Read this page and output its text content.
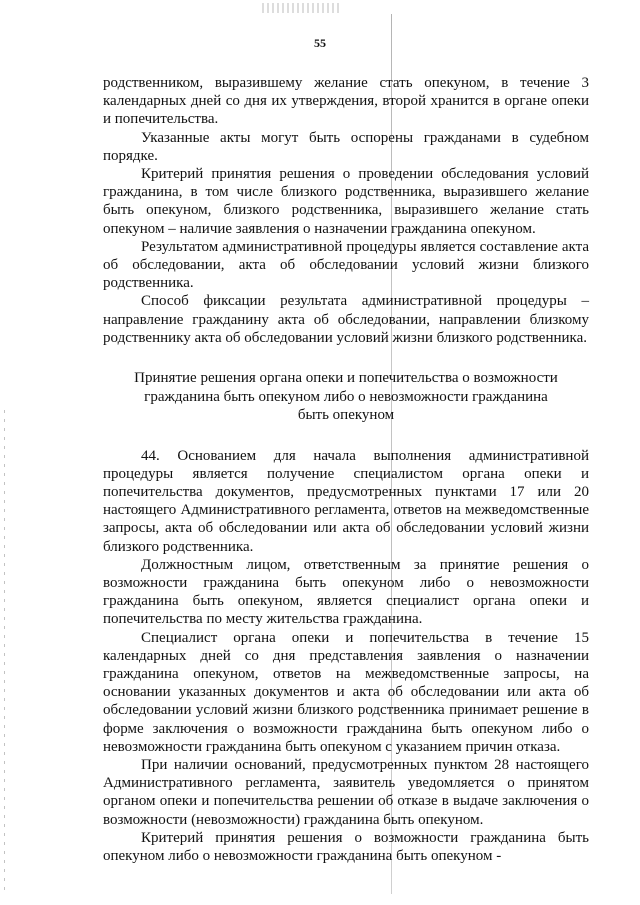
55

родственником, выразившему желание стать опекуном, в течение 3 календарных дней со дня их утверждения, второй хранится в органе опеки и попечительства.

Указанные акты могут быть оспорены гражданами в судебном порядке.

Критерий принятия решения о проведении обследования условий гражданина, в том числе близкого родственника, выразившего желание быть опекуном, близкого родственника, выразившего желание стать опекуном – наличие заявления о назначении гражданина опекуном.

Результатом административной процедуры является составление акта об обследовании, акта об обследовании условий жизни близкого родственника.

Способ фиксации результата административной процедуры – направление гражданину акта об обследовании, направлении близкому родственнику акта об обследовании условий жизни близкого родственника.

Принятие решения органа опеки и попечительства о возможности
гражданина быть опекуном либо о невозможности гражданина
быть опекуном

44. Основанием для начала выполнения административной процедуры является получение специалистом органа опеки и попечительства документов, предусмотренных пунктами 17 или 20 настоящего Административного регламента, ответов на межведомственные запросы, акта об обследовании или акта об обследовании условий жизни близкого родственника.

Должностным лицом, ответственным за принятие решения о возможности гражданина быть опекуном либо о невозможности гражданина быть опекуном, является специалист органа опеки и попечительства по месту жительства гражданина.

Специалист органа опеки и попечительства в течение 15 календарных дней со дня представления заявления о назначении гражданина опекуном, ответов на межведомственные запросы, на основании указанных документов и акта об обследовании или акта об обследовании условий жизни близкого родственника принимает решение в форме заключения о возможности гражданина быть опекуном либо о невозможности гражданина быть опекуном с указанием причин отказа.

При наличии оснований, предусмотренных пунктом 28 настоящего Административного регламента, заявитель уведомляется о принятом органом опеки и попечительства решении об отказе в выдаче заключения о возможности (невозможности) гражданина быть опекуном.

Критерий принятия решения о возможности гражданина быть опекуном либо о невозможности гражданина быть опекуном -
